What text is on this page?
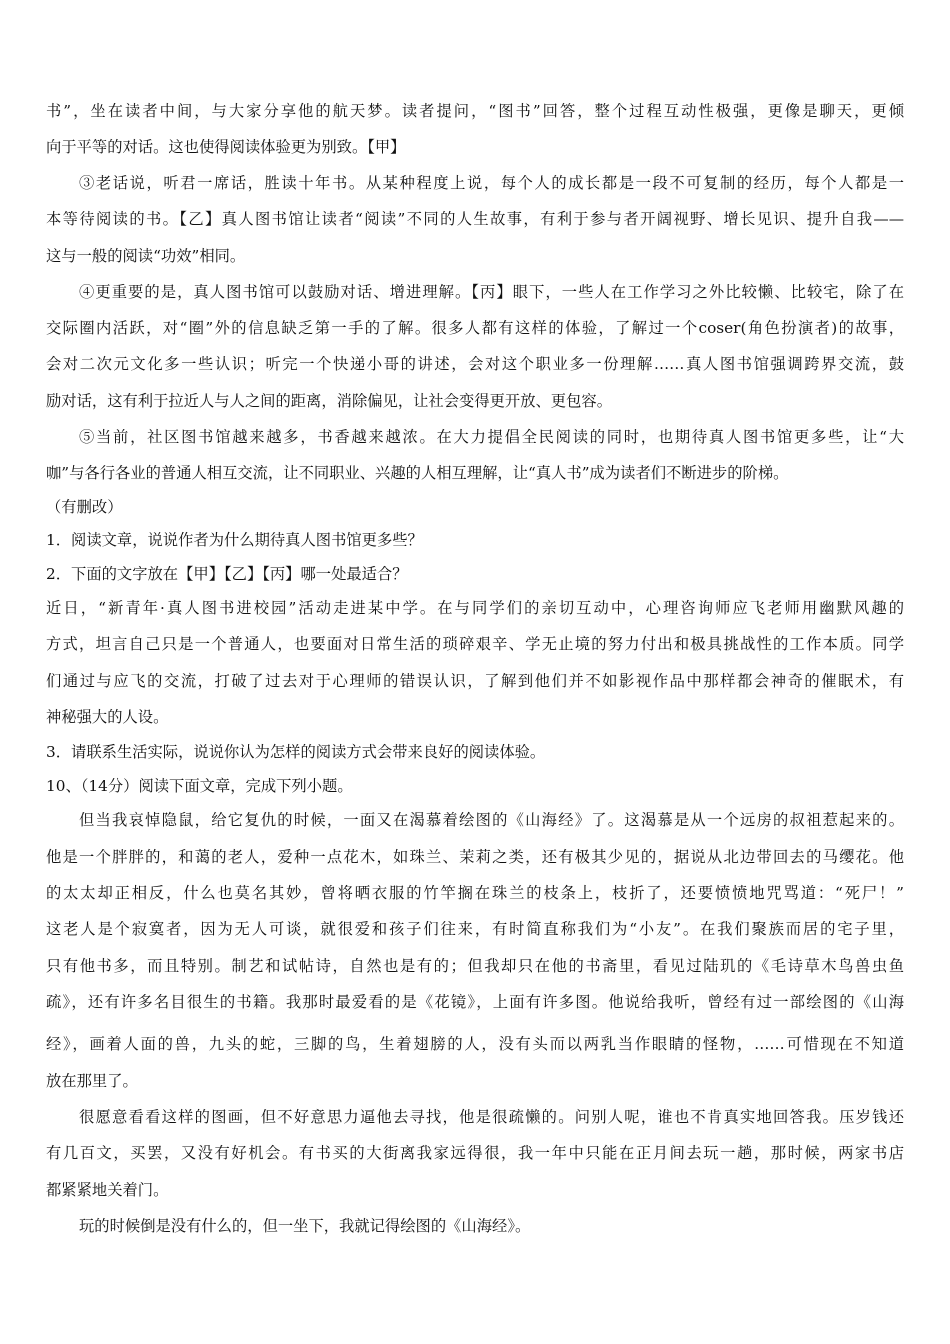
书”，坐在读者中间，与大家分享他的航天梦。读者提问，“图书”回答，整个过程互动性极强，更像是聊天，更倾
向于平等的对话。这也使得阅读体验更为别致。【甲】
③老话说，听君一席话，胜读十年书。从某种程度上说，每个人的成长都是一段不可复制的经历，每个人都是一
本等待阅读的书。【乙】真人图书馆让读者“阅读”不同的人生故事，有利于参与者开阔视野、增长见识、提升自我——
这与一般的阅读“功效”相同。
④更重要的是，真人图书馆可以鼓励对话、增进理解。【丙】眼下，一些人在工作学习之外比较懒、比较宅，除了在
交际圈内活跃，对“圈”外的信息缺乏第一手的了解。很多人都有这样的体验，了解过一个coser(角色扮演者)的故事，
会对二次元文化多一些认识；听完一个快递小哥的讲述，会对这个职业多一份理解……真人图书馆强调跨界交流，鼓
励对话，这有利于拉近人与人之间的距离，消除偏见，让社会变得更开放、更包容。
⑤当前，社区图书馆越来越多，书香越来越浓。在大力提倡全民阅读的同时，也期待真人图书馆更多些，让“大
咖”与各行各业的普通人相互交流，让不同职业、兴趣的人相互理解，让“真人书”成为读者们不断进步的阶梯。
（有删改）
1．阅读文章，说说作者为什么期待真人图书馆更多些？
2．下面的文字放在【甲】【乙】【丙】哪一处最适合？
近日，“新青年·真人图书进校园”活动走进某中学。在与同学们的亲切互动中，心理咨询师应飞老师用幽默风趣的
方式，坦言自己只是一个普通人，也要面对日常生活的琐碎艰辛、学无止境的努力付出和极具挑战性的工作本质。同学
们通过与应飞的交流，打破了过去对于心理师的错误认识，了解到他们并不如影视作品中那样都会神奇的催眠术，有
神秘强大的人设。
3．请联系生活实际，说说你认为怎样的阅读方式会带来良好的阅读体验。
10、（14分）阅读下面文章，完成下列小题。
但当我哀悼隐鼠，给它复仇的时候，一面又在渴慕着绘图的《山海经》了。这渴慕是从一个远房的叔祖惹起来的。
他是一个胖胖的，和蔼的老人，爱种一点花木，如珠兰、茉莉之类，还有极其少见的，据说从北边带回去的马缨花。他
的太太却正相反，什么也莫名其妙，曾将晒衣服的竹竿搁在珠兰的枝条上，枝折了，还要愤愤地咒骂道：“死尸！”
这老人是个寂寞者，因为无人可谈，就很爱和孩子们往来，有时简直称我们为“小友”。在我们聚族而居的宅子里，
只有他书多，而且特别。制艺和试帖诗，自然也是有的；但我却只在他的书斋里，看见过陆玑的《毛诗草木鸟兽虫鱼
疏》，还有许多名目很生的书籍。我那时最爱看的是《花镜》，上面有许多图。他说给我听，曾经有过一部绘图的《山海
经》，画着人面的兽，九头的蛇，三脚的鸟，生着翅膀的人，没有头而以两乳当作眼睛的怪物，……可惜现在不知道
放在那里了。
很愿意看看这样的图画，但不好意思力逼他去寻找，他是很疏懒的。问别人呢，谁也不肯真实地回答我。压岁钱还
有几百文，买罢，又没有好机会。有书买的大街离我家远得很，我一年中只能在正月间去玩一趟，那时候，两家书店
都紧紧地关着门。
玩的时候倒是没有什么的，但一坐下，我就记得绘图的《山海经》。
